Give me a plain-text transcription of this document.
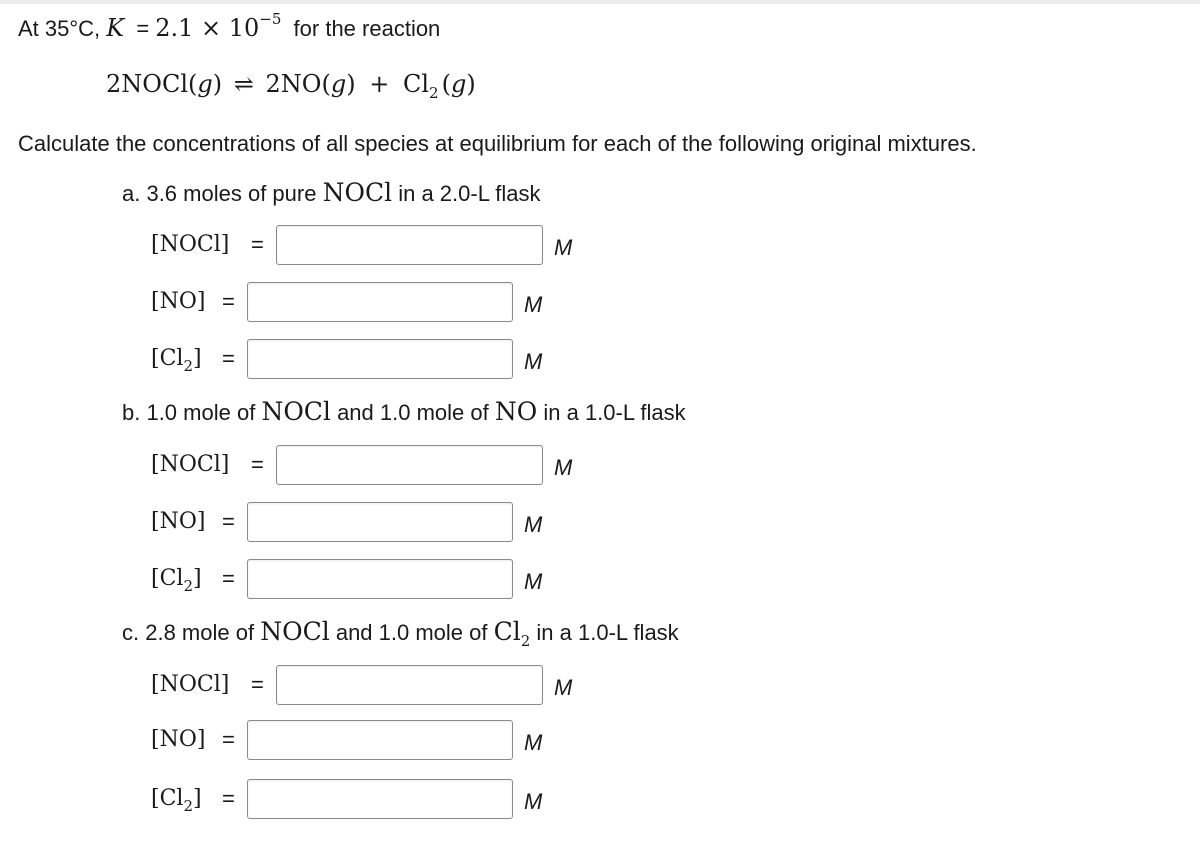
At 35°C, $K = 2.1 \times 10^{-5}$ for the reaction
2NOCl(g) ⇌ $2NO(g) + Cl_2$ (g)
Calculate the concentrations of all species at equilibrium for each of the following original mixtures.
a. 3.6 moles of pure NOCl in a 2.0-L flask
[NOCl] =	M
[NO] =	M
$[Cl_2]$ =	M
b. 1.0 mole of NOCl and 1.0 mole of NO in a 1.0-L flask
[NOCl] =	M
[NO] =	M
$[Cl_2]$ =	M
c. 2.8 mole of NOCl and 1.0 mole of $Cl_2$ in a 1.0-L flask
[NOCl] =	M
[NO] =	M
$[Cl_2]$ =	M
